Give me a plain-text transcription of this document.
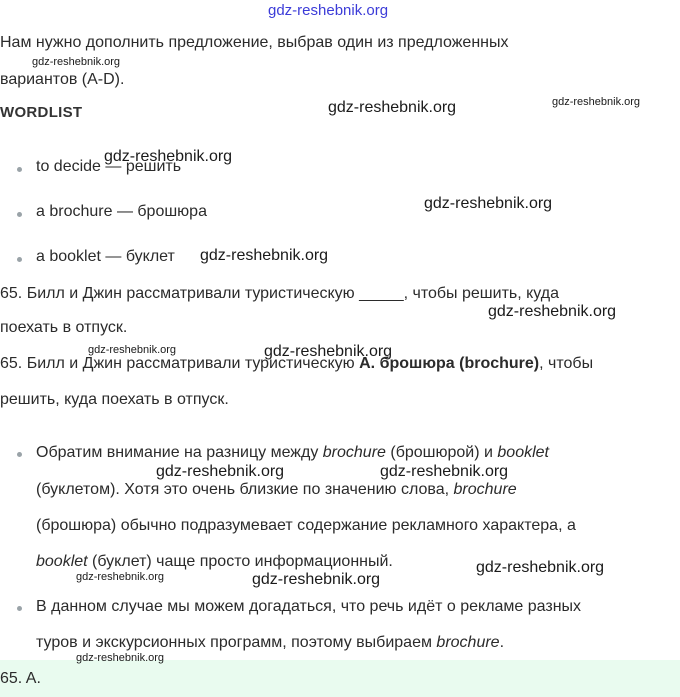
gdz-reshebnik.org
gdz-reshebnik.org
gdz-reshebnik.org	gdz-reshebnik.org
gdz-reshebnik.org
gdz-reshebnik.org
gdz-reshebnik.org
gdz-reshebnik.org
gdz-reshebnik.org	gdz-reshebnik.org
gdz-reshebnik.org	gdz-reshebnik.org
gdz-reshebnik.org	gdz-reshebnik.org
gdz-reshebnik.org
gdz-reshebnik.org
Нам нужно дополнить предложение, выбрав один из предложенных
вариантов (A-D).
WORDLIST
to decide — решить
a brochure — брошюра
a booklet — буклет
65. Билл и Джин рассматривали туристическую _____, чтобы решить, куда
поехать в отпуск.
65. Билл и Джин рассматривали туристическую A. брошюра (brochure), чтобы
решить, куда поехать в отпуск.
Обратим внимание на разницу между brochure (брошюрой) и booklet
(буклетом). Хотя это очень близкие по значению слова, brochure
(брошюра) обычно подразумевает содержание рекламного характера, а
booklet (буклет) чаще просто информационный.
В данном случае мы можем догадаться, что речь идёт о рекламе разных
туров и экскурсионных программ, поэтому выбираем brochure.
65. A.
